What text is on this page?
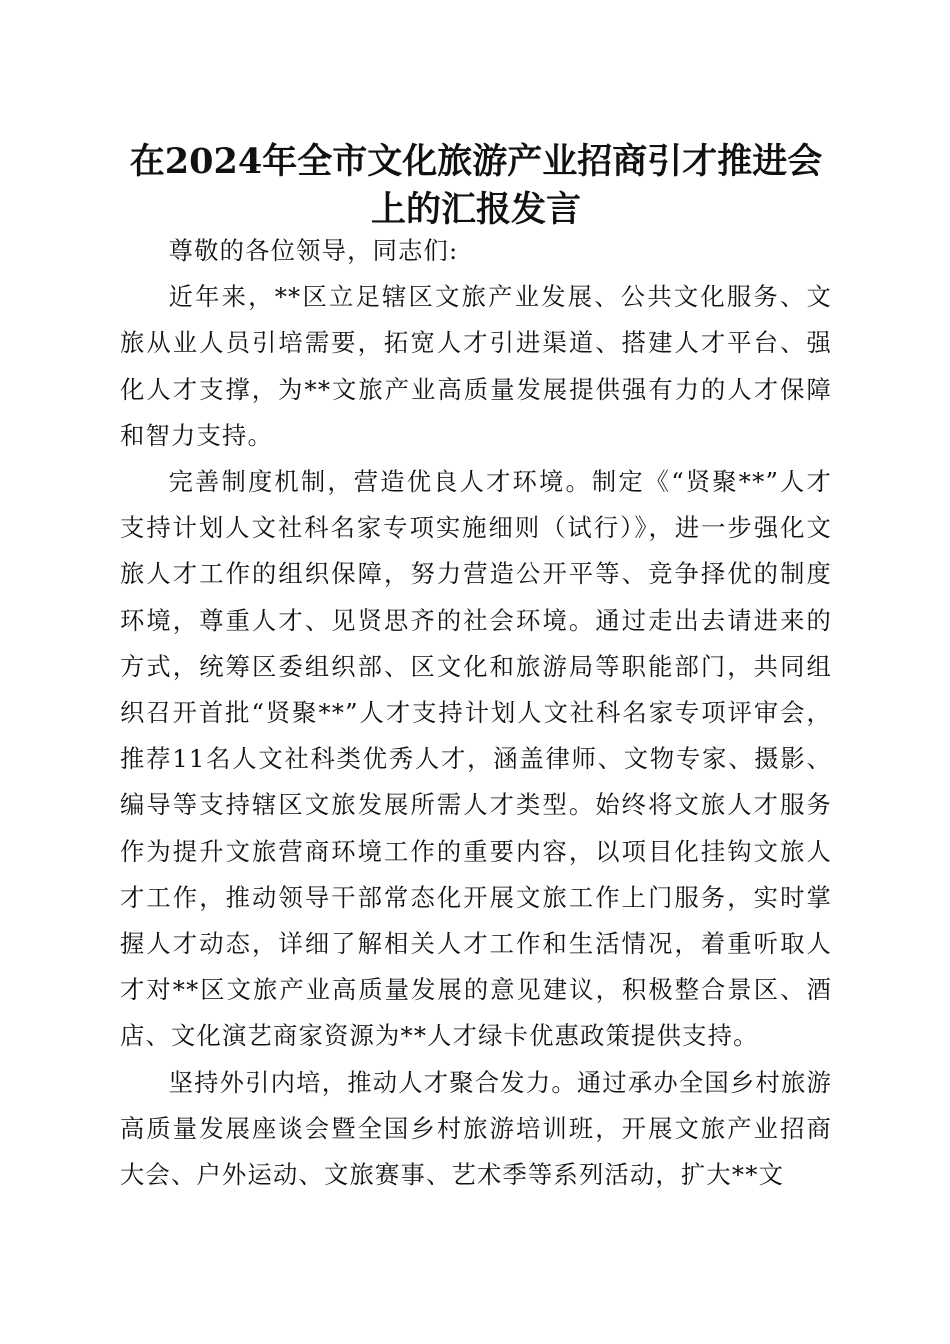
在2024年全市文化旅游产业招商引才推进会上的汇报发言

尊敬的各位领导，同志们:

近年来，**区立足辖区文旅产业发展、公共文化服务、文旅从业人员引培需要，拓宽人才引进渠道、搭建人才平台、强化人才支撑，为**文旅产业高质量发展提供强有力的人才保障和智力支持。

完善制度机制，营造优良人才环境。制定《“贤聚**”人才支持计划人文社科名家专项实施细则（试行）》，进一步强化文旅人才工作的组织保障，努力营造公开平等、竞争择优的制度环境，尊重人才、见贤思齐的社会环境。通过走出去请进来的方式，统筹区委组织部、区文化和旅游局等职能部门，共同组织召开首批“贤聚**”人才支持计划人文社科名家专项评审会，推荐11名人文社科类优秀人才，涵盖律师、文物专家、摄影、编导等支持辖区文旅发展所需人才类型。始终将文旅人才服务作为提升文旅营商环境工作的重要内容，以项目化挂钩文旅人才工作，推动领导干部常态化开展文旅工作上门服务，实时掌握人才动态，详细了解相关人才工作和生活情况，着重听取人才对**区文旅产业高质量发展的意见建议，积极整合景区、酒店、文化演艺商家资源为**人才绿卡优惠政策提供支持。

坚持外引内培，推动人才聚合发力。通过承办全国乡村旅游高质量发展座谈会暨全国乡村旅游培训班，开展文旅产业招商大会、户外运动、文旅赛事、艺术季等系列活动，扩大**文
